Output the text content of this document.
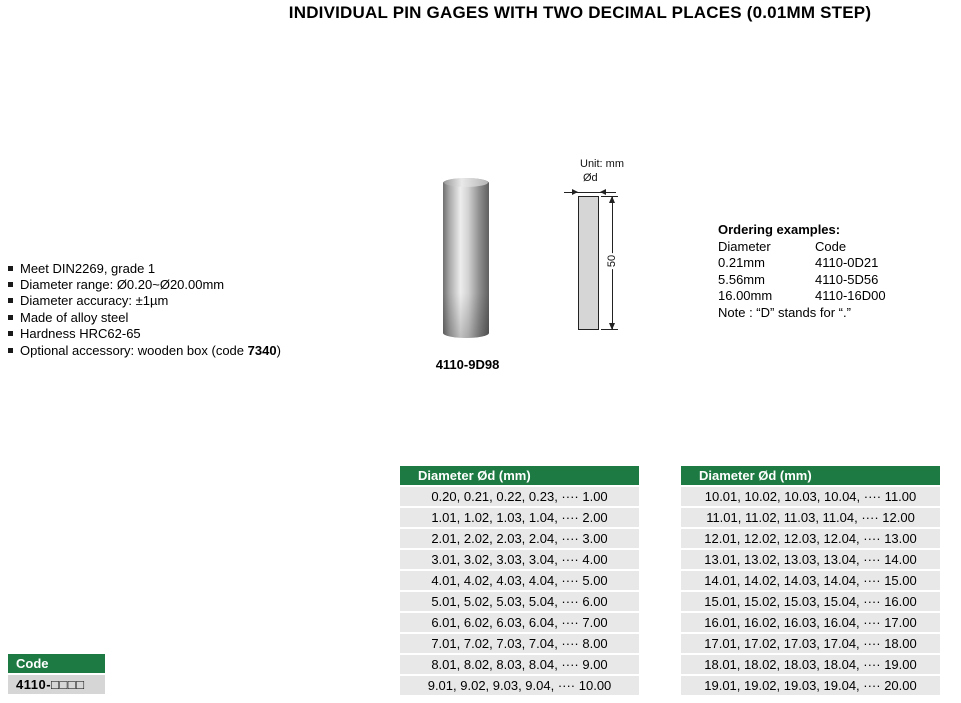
INDIVIDUAL PIN GAGES WITH TWO DECIMAL PLACES (0.01MM STEP)
Meet DIN2269, grade 1
Diameter range: Ø0.20~Ø20.00mm
Diameter accuracy: ±1µm
Made of alloy steel
Hardness HRC62-65
Optional accessory: wooden box (code 7340)
4110-9D98
Unit: mm
Ød
50
Ordering examples:
Diameter	Code
0.21mm	4110-0D21
5.56mm	4110-5D56
16.00mm	4110-16D00
Note : “D” stands for “.”
Diameter Ød (mm)
0.20, 0.21, 0.22, 0.23, ···· 1.00
1.01, 1.02, 1.03, 1.04, ···· 2.00
2.01, 2.02, 2.03, 2.04, ···· 3.00
3.01, 3.02, 3.03, 3.04, ···· 4.00
4.01, 4.02, 4.03, 4.04, ···· 5.00
5.01, 5.02, 5.03, 5.04, ···· 6.00
6.01, 6.02, 6.03, 6.04, ···· 7.00
7.01, 7.02, 7.03, 7.04, ···· 8.00
8.01, 8.02, 8.03, 8.04, ···· 9.00
9.01, 9.02, 9.03, 9.04, ···· 10.00
Diameter Ød (mm)
10.01, 10.02, 10.03, 10.04, ···· 11.00
11.01, 11.02, 11.03, 11.04, ···· 12.00
12.01, 12.02, 12.03, 12.04, ···· 13.00
13.01, 13.02, 13.03, 13.04, ···· 14.00
14.01, 14.02, 14.03, 14.04, ···· 15.00
15.01, 15.02, 15.03, 15.04, ···· 16.00
16.01, 16.02, 16.03, 16.04, ···· 17.00
17.01, 17.02, 17.03, 17.04, ···· 18.00
18.01, 18.02, 18.03, 18.04, ···· 19.00
19.01, 19.02, 19.03, 19.04, ···· 20.00
Code
4110-□□□□
